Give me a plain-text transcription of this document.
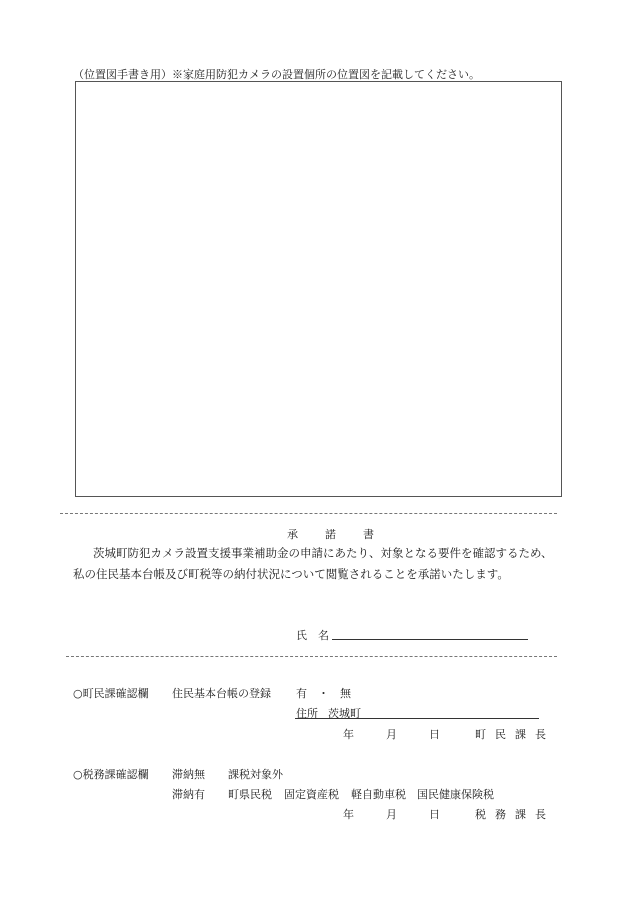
（位置図手書き用）※家庭用防犯カメラの設置個所の位置図を記載してください。
承　諾　書
茨城町防犯カメラ設置支援事業補助金の申請にあたり、対象となる要件を確認するため、
私の住民基本台帳及び町税等の納付状況について閲覧されることを承諾いたします。
氏　名
○町民課確認欄 住民基本台帳の登録 有 ・ 無
住所 茨城町
年	月	日	町民課長
○税務課確認欄 滞納無 課税対象外
滞納有 町県民税 固定資産税 軽自動車税 国民健康保険税
年	月	日	税務課長
